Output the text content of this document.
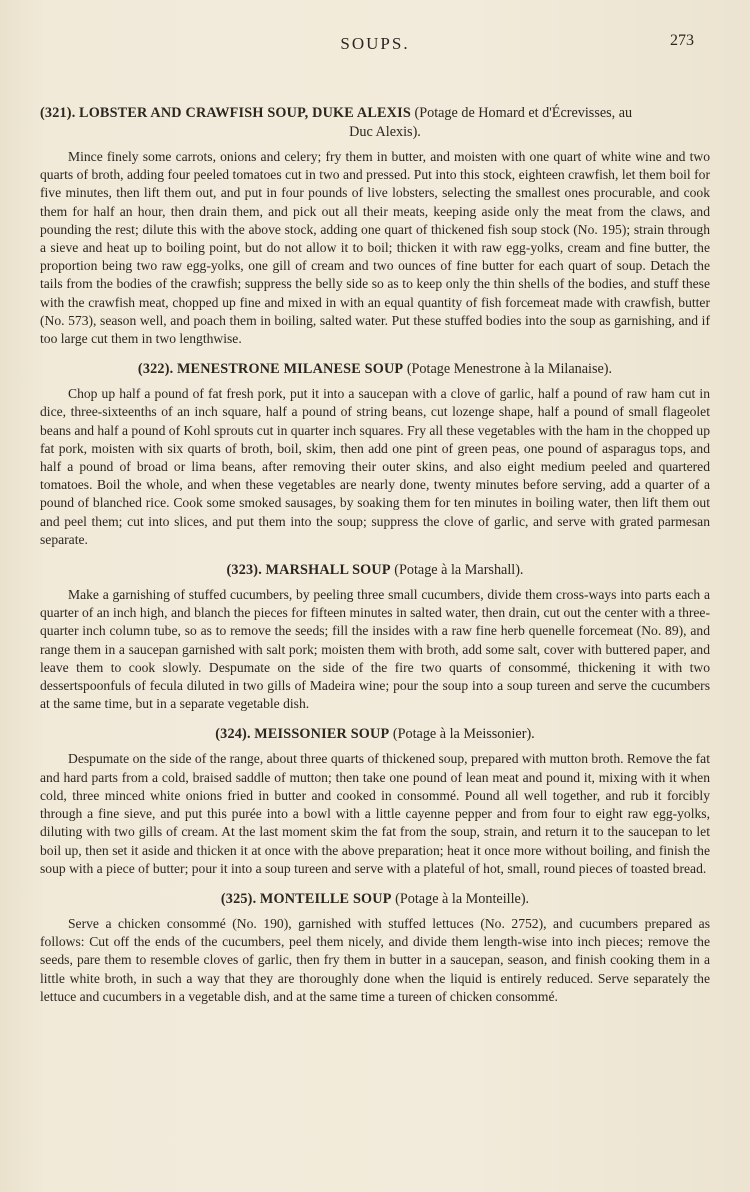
SOUPS.	273
(321). LOBSTER AND CRAWFISH SOUP, DUKE ALEXIS (Potage de Homard et d'Écrevisses, au
Duc Alexis).

Mince finely some carrots, onions and celery; fry them in butter, and moisten with one quart of white wine and two quarts of broth, adding four peeled tomatoes cut in two and pressed. Put into this stock, eighteen crawfish, let them boil for five minutes, then lift them out, and put in four pounds of live lobsters, selecting the smallest ones procurable, and cook them for half an hour, then drain them, and pick out all their meats, keeping aside only the meat from the claws, and pounding the rest; dilute this with the above stock, adding one quart of thickened fish soup stock (No. 195); strain through a sieve and heat up to boiling point, but do not allow it to boil; thicken it with raw egg-yolks, cream and fine butter, the proportion being two raw egg-yolks, one gill of cream and two ounces of fine butter for each quart of soup. Detach the tails from the bodies of the crawfish; suppress the belly side so as to keep only the thin shells of the bodies, and stuff these with the crawfish meat, chopped up fine and mixed in with an equal quantity of fish forcemeat made with crawfish, butter (No. 573), season well, and poach them in boiling, salted water. Put these stuffed bodies into the soup as garnishing, and if too large cut them in two lengthwise.

(322). MENESTRONE MILANESE SOUP (Potage Menestrone à la Milanaise).

Chop up half a pound of fat fresh pork, put it into a saucepan with a clove of garlic, half a pound of raw ham cut in dice, three-sixteenths of an inch square, half a pound of string beans, cut lozenge shape, half a pound of small flageolet beans and half a pound of Kohl sprouts cut in quarter inch squares. Fry all these vegetables with the ham in the chopped up fat pork, moisten with six quarts of broth, boil, skim, then add one pint of green peas, one pound of asparagus tops, and half a pound of broad or lima beans, after removing their outer skins, and also eight medium peeled and quartered tomatoes. Boil the whole, and when these vegetables are nearly done, twenty minutes before serving, add a quarter of a pound of blanched rice. Cook some smoked sausages, by soaking them for ten minutes in boiling water, then lift them out and peel them; cut into slices, and put them into the soup; suppress the clove of garlic, and serve with grated parmesan separate.

(323). MARSHALL SOUP (Potage à la Marshall).

Make a garnishing of stuffed cucumbers, by peeling three small cucumbers, divide them cross-ways into parts each a quarter of an inch high, and blanch the pieces for fifteen minutes in salted water, then drain, cut out the center with a three-quarter inch column tube, so as to remove the seeds; fill the insides with a raw fine herb quenelle forcemeat (No. 89), and range them in a saucepan garnished with salt pork; moisten them with broth, add some salt, cover with buttered paper, and leave them to cook slowly. Despumate on the side of the fire two quarts of consommé, thickening it with two dessertspoonfuls of fecula diluted in two gills of Madeira wine; pour the soup into a soup tureen and serve the cucumbers at the same time, but in a separate vegetable dish.

(324). MEISSONIER SOUP (Potage à la Meissonier).

Despumate on the side of the range, about three quarts of thickened soup, prepared with mutton broth. Remove the fat and hard parts from a cold, braised saddle of mutton; then take one pound of lean meat and pound it, mixing with it when cold, three minced white onions fried in butter and cooked in consommé. Pound all well together, and rub it forcibly through a fine sieve, and put this purée into a bowl with a little cayenne pepper and from four to eight raw egg-yolks, diluting with two gills of cream. At the last moment skim the fat from the soup, strain, and return it to the saucepan to let boil up, then set it aside and thicken it at once with the above preparation; heat it once more without boiling, and finish the soup with a piece of butter; pour it into a soup tureen and serve with a plateful of hot, small, round pieces of toasted bread.

(325). MONTEILLE SOUP (Potage à la Monteille).

Serve a chicken consommé (No. 190), garnished with stuffed lettuces (No. 2752), and cucumbers prepared as follows: Cut off the ends of the cucumbers, peel them nicely, and divide them length-wise into inch pieces; remove the seeds, pare them to resemble cloves of garlic, then fry them in butter in a saucepan, season, and finish cooking them in a little white broth, in such a way that they are thoroughly done when the liquid is entirely reduced. Serve separately the lettuce and cucumbers in a vegetable dish, and at the same time a tureen of chicken consommé.
